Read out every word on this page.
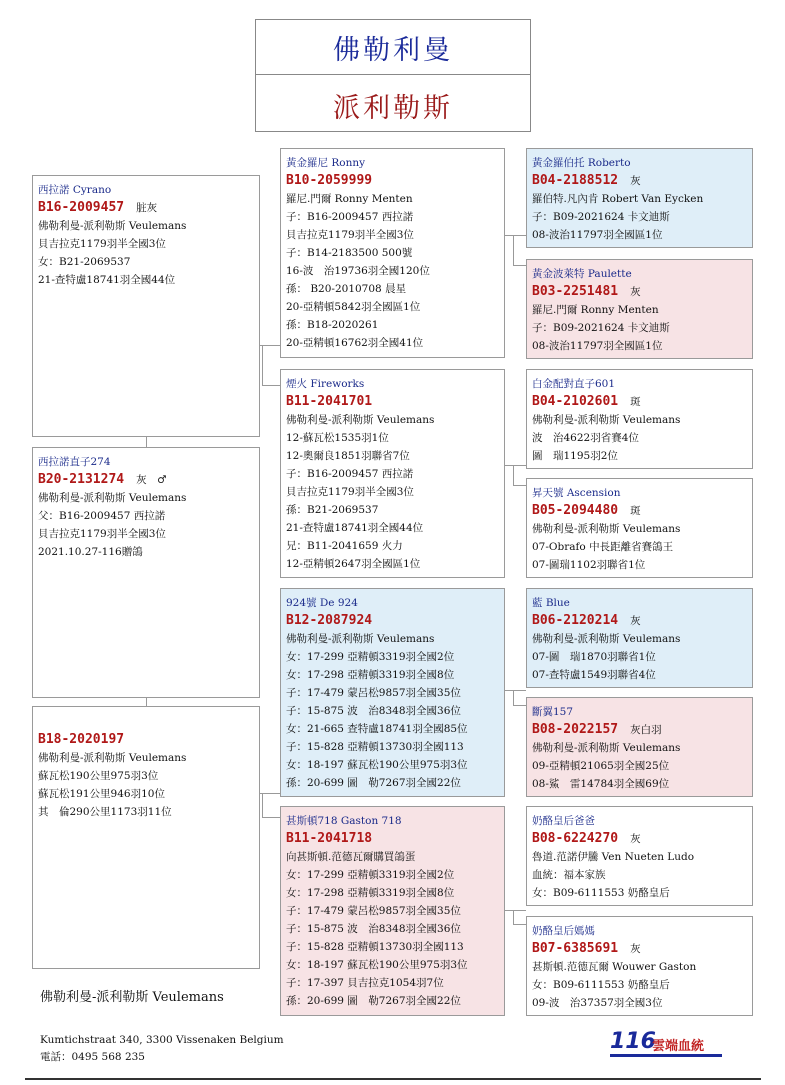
佛勒利曼
派利勒斯
西拉諾 Cyrano
B16-2009457 脏灰
佛勒利曼-派利勒斯 Veulemans
貝吉拉克1179羽半全國3位
女：B21-2069537
21-查特盧18741羽全國44位
西拉諾直子274
B20-2131274 灰　♂
佛勒利曼-派利勒斯 Veulemans
父：B16-2009457 西拉諾
貝吉拉克1179羽半全國3位
2021.10.27-116贈鴿
B18-2020197
佛勒利曼-派利勒斯 Veulemans
蘇瓦松190公里975羽3位
蘇瓦松191公里946羽10位
其　倫290公里1173羽11位
黃金羅尼 Ronny
B10-2059999
羅尼.門爾 Ronny Menten
子：B16-2009457 西拉諾
貝吉拉克1179羽半全國3位
子：B14-2183500 500號
16-波　治19736羽全國120位
孫： B20-2010708 晨星
20-亞精頓5842羽全國區1位
孫：B18-2020261
20-亞精頓16762羽全國41位
煙火 Fireworks
B11-2041701
佛勒利曼-派利勒斯 Veulemans
12-蘇瓦松1535羽1位
12-奧爾良1851羽聯省7位
子：B16-2009457 西拉諾
貝吉拉克1179羽半全國3位
孫：B21-2069537
21-查特盧18741羽全國44位
兄：B11-2041659 火力
12-亞精頓2647羽全國區1位
924號 De 924
B12-2087924
佛勒利曼-派利勒斯 Veulemans
女：17-299 亞精頓3319羽全國2位
女：17-298 亞精頓3319羽全國8位
子：17-479 蒙呂松9857羽全國35位
子：15-875 波　治8348羽全國36位
女：21-665 查特盧18741羽全國85位
子：15-828 亞精頓13730羽全國113
女：18-197 蘇瓦松190公里975羽3位
孫：20-699 圖　勒7267羽全國22位
甚斯頓718 Gaston 718
B11-2041718
向甚斯頓.范德瓦爾購買鴿蛋
女：17-299 亞精頓3319羽全國2位
女：17-298 亞精頓3319羽全國8位
子：17-479 蒙呂松9857羽全國35位
子：15-875 波　治8348羽全國36位
子：15-828 亞精頓13730羽全國113
女：18-197 蘇瓦松190公里975羽3位
子：17-397 貝吉拉克1054羽7位
孫：20-699 圖　勒7267羽全國22位
黃金羅伯托 Roberto
B04-2188512 灰
羅伯特.凡內肯 Robert Van Eycken
子：B09-2021624 卡文迪斯
08-波治11797羽全國區1位
黃金波萊特 Paulette
B03-2251481 灰
羅尼.門爾 Ronny Menten
子：B09-2021624 卡文迪斯
08-波治11797羽全國區1位
白金配對直子601
B04-2102601 斑
佛勒利曼-派利勒斯 Veulemans
波　治4622羽省賽4位
圖　瑞1195羽2位
昇天號 Ascension
B05-2094480 斑
佛勒利曼-派利勒斯 Veulemans
07-Obrafo 中長距離省賽鴿王
07-圖瑞1102羽聯省1位
藍 Blue
B06-2120214 灰
佛勒利曼-派利勒斯 Veulemans
07-圖　瑞1870羽聯省1位
07-查特盧1549羽聯省4位
斷翼157
B08-2022157 灰白羽
佛勒利曼-派利勒斯 Veulemans
09-亞精頓21065羽全國25位
08-鯊　雷14784羽全國69位
奶酪皇后爸爸
B08-6224270 灰
魯道.范諾伊騰 Ven Nueten Ludo
血統：福本家族
女：B09-6111553 奶酪皇后
奶酪皇后媽媽
B07-6385691 灰
甚斯頓.范德瓦爾 Wouwer Gaston
女：B09-6111553 奶酪皇后
09-波　治37357羽全國3位
佛勒利曼-派利勒斯 Veulemans
Kumtichstraat 340, 3300 Vissenaken Belgium
電話：0495 568 235
116
雲端血統
